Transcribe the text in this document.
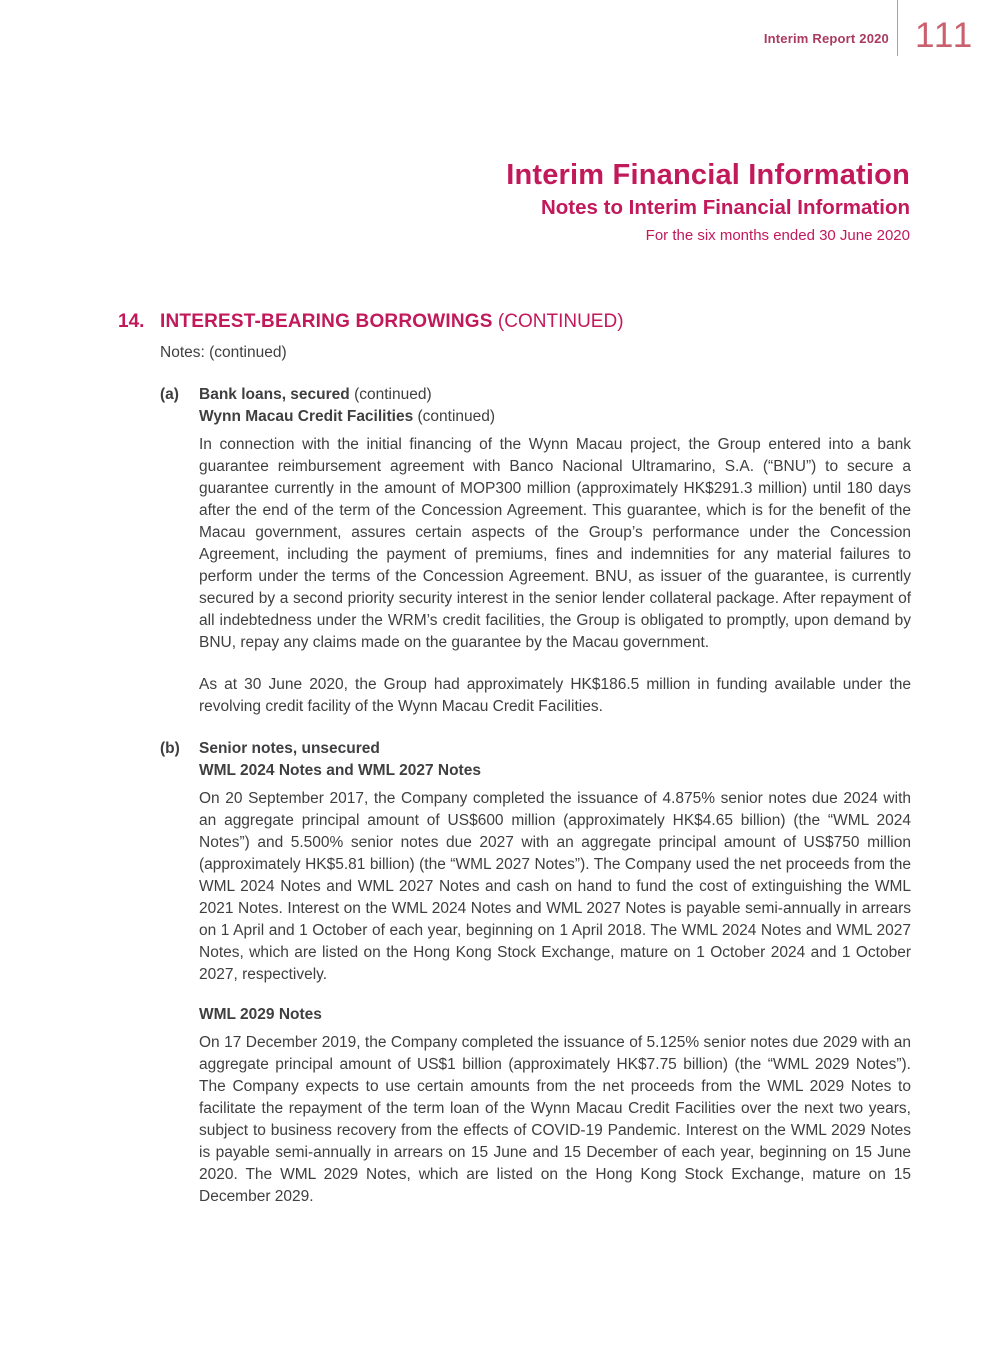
Interim Report 2020 111
Interim Financial Information
Notes to Interim Financial Information
For the six months ended 30 June 2020
14. INTEREST-BEARING BORROWINGS (CONTINUED)
Notes: (continued)
(a)	Bank loans, secured (continued)
Wynn Macau Credit Facilities (continued)

In connection with the initial financing of the Wynn Macau project, the Group entered into a bank guarantee reimbursement agreement with Banco Nacional Ultramarino, S.A. (“BNU”) to secure a guarantee currently in the amount of MOP300 million (approximately HK$291.3 million) until 180 days after the end of the term of the Concession Agreement. This guarantee, which is for the benefit of the Macau government, assures certain aspects of the Group’s performance under the Concession Agreement, including the payment of premiums, fines and indemnities for any material failures to perform under the terms of the Concession Agreement. BNU, as issuer of the guarantee, is currently secured by a second priority security interest in the senior lender collateral package. After repayment of all indebtedness under the WRM’s credit facilities, the Group is obligated to promptly, upon demand by BNU, repay any claims made on the guarantee by the Macau government.

As at 30 June 2020, the Group had approximately HK$186.5 million in funding available under the revolving credit facility of the Wynn Macau Credit Facilities.

(b)	Senior notes, unsecured
WML 2024 Notes and WML 2027 Notes

On 20 September 2017, the Company completed the issuance of 4.875% senior notes due 2024 with an aggregate principal amount of US$600 million (approximately HK$4.65 billion) (the “WML 2024 Notes”) and 5.500% senior notes due 2027 with an aggregate principal amount of US$750 million (approximately HK$5.81 billion) (the “WML 2027 Notes”). The Company used the net proceeds from the WML 2024 Notes and WML 2027 Notes and cash on hand to fund the cost of extinguishing the WML 2021 Notes. Interest on the WML 2024 Notes and WML 2027 Notes is payable semi-annually in arrears on 1 April and 1 October of each year, beginning on 1 April 2018. The WML 2024 Notes and WML 2027 Notes, which are listed on the Hong Kong Stock Exchange, mature on 1 October 2024 and 1 October 2027, respectively.

WML 2029 Notes

On 17 December 2019, the Company completed the issuance of 5.125% senior notes due 2029 with an aggregate principal amount of US$1 billion (approximately HK$7.75 billion) (the “WML 2029 Notes”). The Company expects to use certain amounts from the net proceeds from the WML 2029 Notes to facilitate the repayment of the term loan of the Wynn Macau Credit Facilities over the next two years, subject to business recovery from the effects of COVID-19 Pandemic. Interest on the WML 2029 Notes is payable semi-annually in arrears on 15 June and 15 December of each year, beginning on 15 June 2020. The WML 2029 Notes, which are listed on the Hong Kong Stock Exchange, mature on 15 December 2029.
